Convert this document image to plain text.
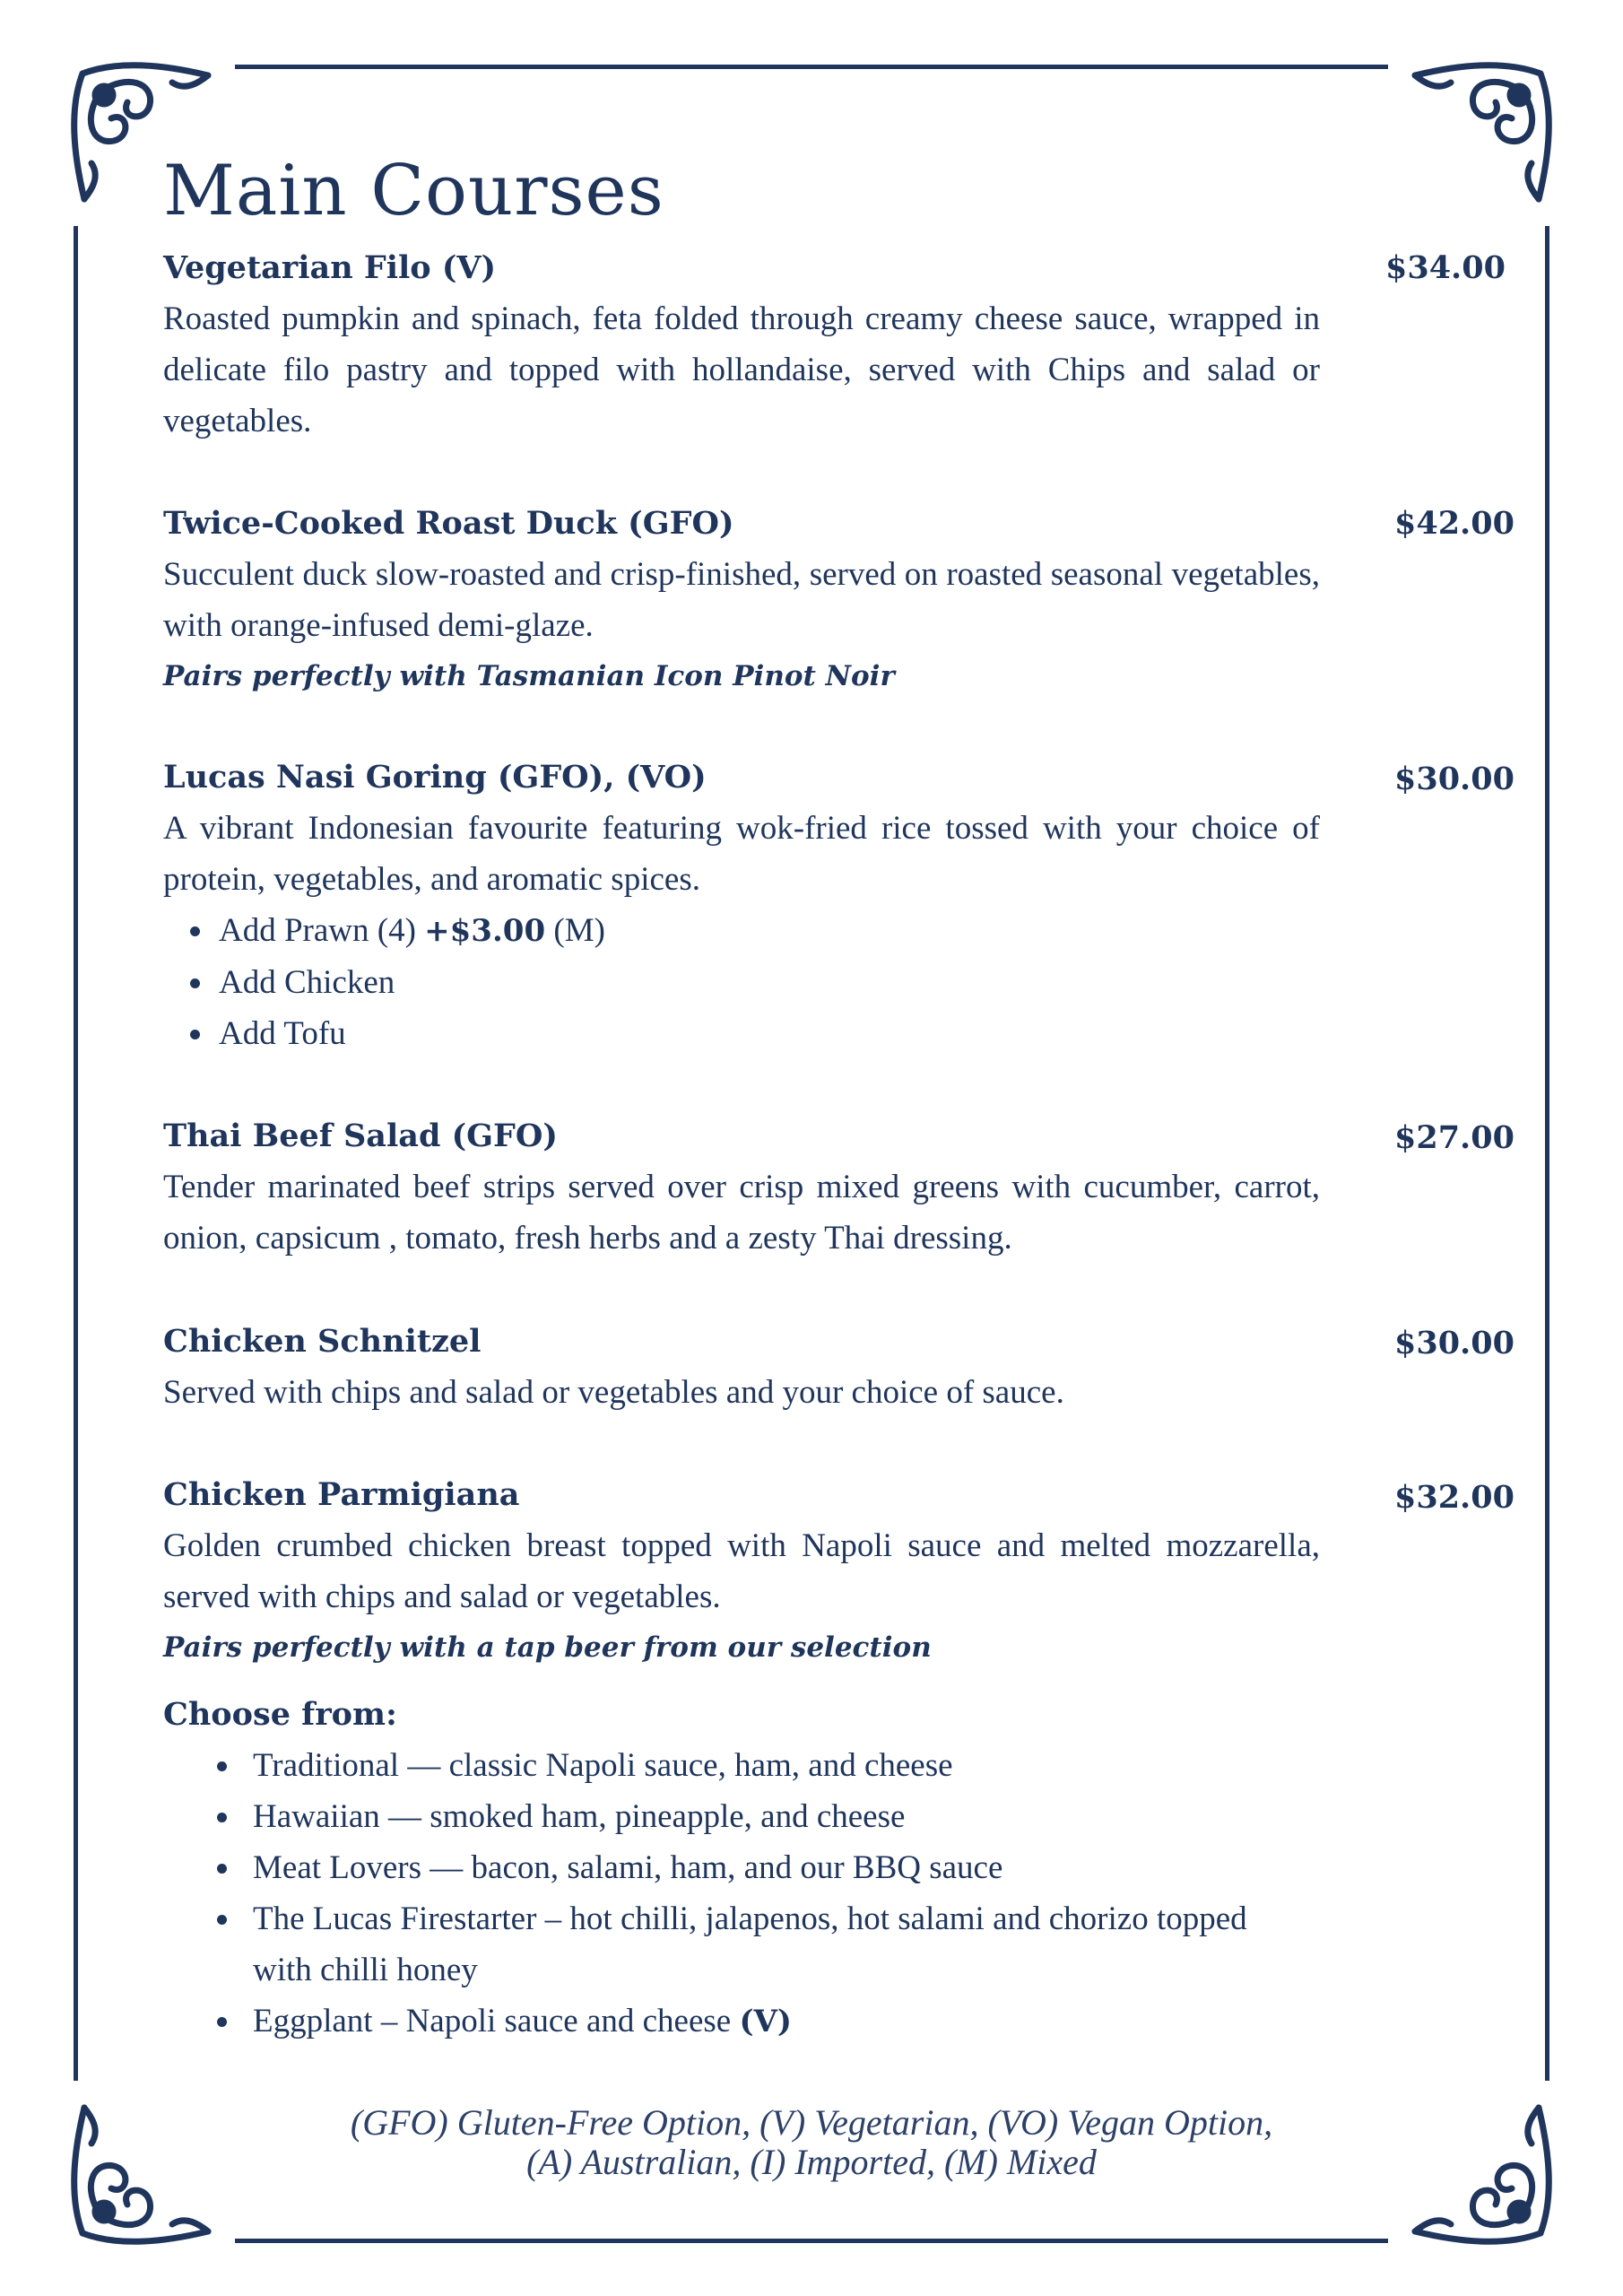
Main Courses
Vegetarian Filo (V)
Roasted pumpkin and spinach, feta folded through creamy cheese sauce, wrapped in delicate filo pastry and topped with hollandaise, served with Chips and salad or vegetables.
$34.00
Twice-Cooked Roast Duck (GFO)
Succulent duck slow-roasted and crisp-finished, served on roasted seasonal vegetables, with orange-infused demi-glaze.
Pairs perfectly with Tasmanian Icon Pinot Noir
$42.00
Lucas Nasi Goring (GFO), (VO)
A vibrant Indonesian favourite featuring wok-fried rice tossed with your choice of protein, vegetables, and aromatic spices.
Add Prawn (4) +$3.00 (M)
Add Chicken
Add Tofu
$30.00
Thai Beef Salad (GFO)
Tender marinated beef strips served over crisp mixed greens with cucumber, carrot, onion, capsicum , tomato, fresh herbs and a zesty Thai dressing.
$27.00
Chicken Schnitzel
Served with chips and salad or vegetables and your choice of sauce.
$30.00
Chicken Parmigiana
Golden crumbed chicken breast topped with Napoli sauce and melted mozzarella, served with chips and salad or vegetables.
Pairs perfectly with a tap beer from our selection
Choose from:
Traditional — classic Napoli sauce, ham, and cheese
Hawaiian — smoked ham, pineapple, and cheese
Meat Lovers — bacon, salami, ham, and our BBQ sauce
The Lucas Firestarter – hot chilli, jalapenos, hot salami and chorizo topped with chilli honey
Eggplant – Napoli sauce and cheese (V)
$32.00
(GFO) Gluten-Free Option, (V) Vegetarian, (VO) Vegan Option,
(A) Australian, (I) Imported, (M) Mixed
